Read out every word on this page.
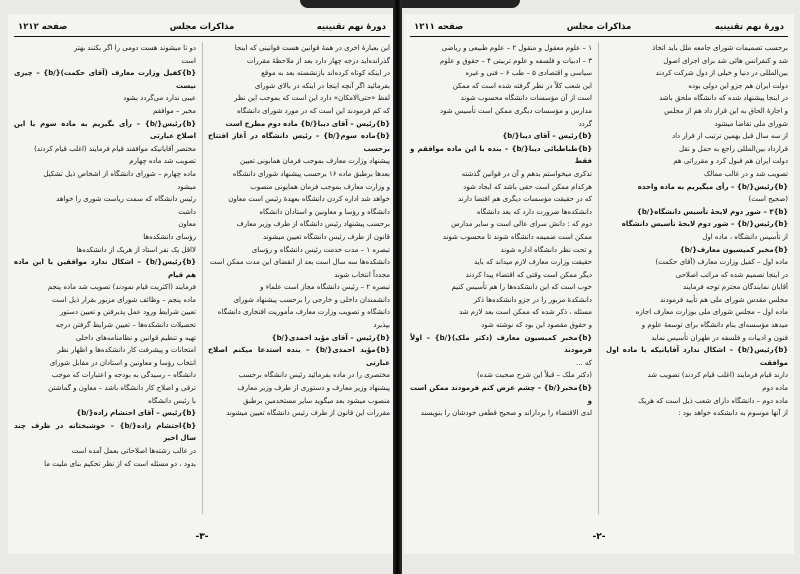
دورهٔ نهم تقنینیه
مذاکرات مجلس
صفحه ۱۲۱۲
این بعبارهٔ اخری در همهٔ قوانین هست قوانینی که اینجا
گذرانده‌اید درجه چهار دارد بعد از ملاحظهٔ مقررات
در اینکه کوتاه کرده‌اند بازنشسته بعد به موقع
بفرمائید اگر آنچه اینجا در اینکه در بالای شورای
لفظ «حتی‌الامکان» دارد این است که بموجب این نظر
که کم فرمودند این است که در مورد شورای دانشگاه
{b}رئیس – آقای دیبا{/b} ماده دوم مطرح است
{b}ماده سوم{/b} – رئیس دانشگاه در آغاز افتتاح برحسب
پیشنهاد وزارت معارف بموجب فرمان همایونی تعیین
بعدها برطبق ماده ۱۶ برحسب پیشنهاد شورای دانشگاه
و وزارت معارف بموجب فرمان همایونی منصوب
خواهد شد اداره کردن دانشگاه بعهدهٔ رئیس است معاون
دانشگاه و رؤسا و معاونین و استادان دانشگاه
برحسب پیشنهاد رئیس دانشگاه از طرف وزیر معارف
قانون از طرف رئیس دانشگاه تعیین میشوند
تبصره ۱ – مدت خدمت رئیس دانشگاه و رؤسای
دانشکده‌ها سه سال است بعد از انقضای این مدت ممکن است
مجدداً انتخاب شوند
تبصره ۲ – رئیس دانشگاه مجاز است علماء و
دانشمندان داخلی و خارجی را برحسب پیشنهاد شورای
دانشگاه و تصویب وزارت معارف مأموریت افتخاری دانشگاه
بپذیرد
{b}رئیس – آقای مؤید احمدی{/b}
{b}مؤید احمدی{/b} – بنده استدعا میکنم اصلاح عبارتی
مختصری را در ماده بفرمائید رئیس دانشگاه برحسب
پیشنهاد وزیر معارف و دستوری از طرف وزیر معارف
منصوب میشود بعد میگوید سایر مستخدمین برطبق
مقررات این قانون از طرف رئیس دانشگاه تعیین میشوند
دو تا میشوند هست دومی را اگر بکنند بهتر
است
{b}کفیل وزارت معارف (آقای حکمت){/b} – چیزی نیست
عیبی ندارد می‌گردد بشود
مخبر – موافقم
{b}رئیس{/b} – رأی بگیریم به ماده سوم با این اصلاح عبارتی
مختصر آقایانیکه موافقند قیام فرمایند (اغلب قیام کردند)
تصویب شد ماده چهارم
ماده چهارم – شورای دانشگاه از اشخاص ذیل تشکیل
میشود
رئیس دانشگاه که سمت ریاست شوری را خواهد
داشت
معاون
رؤسای دانشکده‌ها
لااقل یک نفر استاد از هریک از دانشکده‌ها
{b}رئیس{/b} – اشکال ندارد موافقین با این ماده هم قیام
فرمایند (اکثریت قیام نمودند) تصویب شد ماده پنجم
ماده پنجم – وظائف شورای مزبور بقرار ذیل است
تعیین شرایط ورود عمل پذیرفتن و تعیین دستور
تحصیلات دانشکده‌ها – تعیین شرایط گرفتن درجه
تهیه و تنظیم قوانین و نظامنامه‌های داخلی
امتحانات و پیشرفت کار دانشکده‌ها و اظهار نظر
انتخاب رؤسا و معاونین و استادان در مقابل شورای
دانشگاه – رسیدگی به بودجه و اعتبارات که موجب
ترقی و اصلاح کار دانشگاه باشد – معاون و گماشتن
با رئیس دانشگاه
{b}رئیس – آقای احتشام زاده{/b}
{b}احتشام زاده{/b} – خوشبختانه در ظرف چند سال اخیر
در غالب رشته‌ها اصلاحاتی بعمل آمده است
بدود ، دو مسئله است که از نظر تحکیم بنای ملیت ما
-۳-
دورهٔ نهم تقنینیه
مذاکرات مجلس
صفحه ۱۲۱۱
برحسب تصمیمات شورای جامعه ملل باید اتخاذ
شد و کنفرانس هائی شد برای اجرای اصول
بین‌المللی در دنیا و خیلی از دول شرکت کردند
دولت ایران هم جزو این دولی بوده
در اینجا پیشنهاد شده که دانشگاه ملحق باشد
و اجازهٔ الحاق به این قرار داد هم از مجلس
شورای ملی تقاضا میشود
از سه سال قبل بهمین ترتیب از قرار داد
قرارداد بین‌المللی راجع به حمل و نقل
دولت ایران هم قبول کرد و مقرراتی هم
تصویب شد و در غالب ممالک
{b}رئیس{/b} – رأی میگیریم به ماده واحده
(صحیح است)
{b}۳ – شور دوم لایحهٔ تأسیس دانشگاه{/b}
{b}رئیس{/b} – شور دوم لایحهٔ تأسیس دانشگاه
از تأسیس دانشگاه ، ماده اول
{b}مخبر کمیسیون معارف{/b}
ماده اول – کفیل وزارت معارف (آقای حکمت)
در اینجا تصمیم شده که مراتب اصلاحی
آقایان نمایندگان محترم توجه فرمایند
مجلس مقدس شورای ملی هم تأیید فرمودند
ماده اول – مجلس شورای ملی بوزارت معارف اجازه
میدهد مؤسسه‌ای بنام دانشگاه برای توسعهٔ علوم و
فنون و ادبیات و فلسفه در طهران تأسیس نماید
{b}رئیس{/b} – اشکال ندارد آقایانیکه با ماده اول موافقت
دارند قیام فرمایند (اغلب قیام کردند) تصویب شد
ماده دوم
ماده دوم – دانشگاه دارای شعب ذیل است که هریک
از آنها موسوم به دانشکده خواهد بود :
۱ – علوم معقول و منقول ۲ – علوم طبیعی و ریاضی
۳ – ادبیات و فلسفه و علوم تربیتی ۴ – حقوق و علوم
سیاسی و اقتصادی ۵ – طب ۶ – فنی و غیره
این شعب کلاً در نظر گرفته شده است که ممکن
است از آن مؤسسات دانشگاه محسوب شوند
مدارس و مؤسسات دیگری ممکن است تأسیس شود
گردد
{b}رئیس – آقای دیبا{/b}
{b}طباطبائی دیبا{/b} – بنده با این ماده موافقم و فقط
تذکری میخواستم بدهم و آن در قوانین گذشته
هرکدام ممکن است حقی باشد که ایجاد شود
که در حقیقت مؤسسات دیگری هم اقتضا دارند
دانشکده‌ها ضرورت دارد که بعد دانشگاه
دوم که : دانش سرای عالی است و سایر مدارس
ممکن است ضمیمه دانشگاه شوند تا محسوب شوند
و تحت نظر دانشگاه اداره شوند
حقیقت وزارت معارف لازم میداند که باید
دیگر ممکن است وقتی که اقتضاء پیدا کردند
خوب است که این دانشکده‌ها را هم تأسیس کنیم
دانشکدهٔ مزبور را در جزو دانشکده‌ها ذکر
مسئله ، ذکر شده که ممکن است بعد لازم شد
و حقوق مقصود این بود که نوشته شود
{b}مخبر کمیسیون معارف (دکتر ملک){/b} – اولاً فرمودند
که ...
(دکتر ملک – قبلاً این شرح صحبت شده)
{b}مخبر{/b} – چشم عرض کنم فرمودند ممکن است و
لدی الاقتضاء را برداراند و صحیح قطعی خودشان را بنویسند
-۲-
